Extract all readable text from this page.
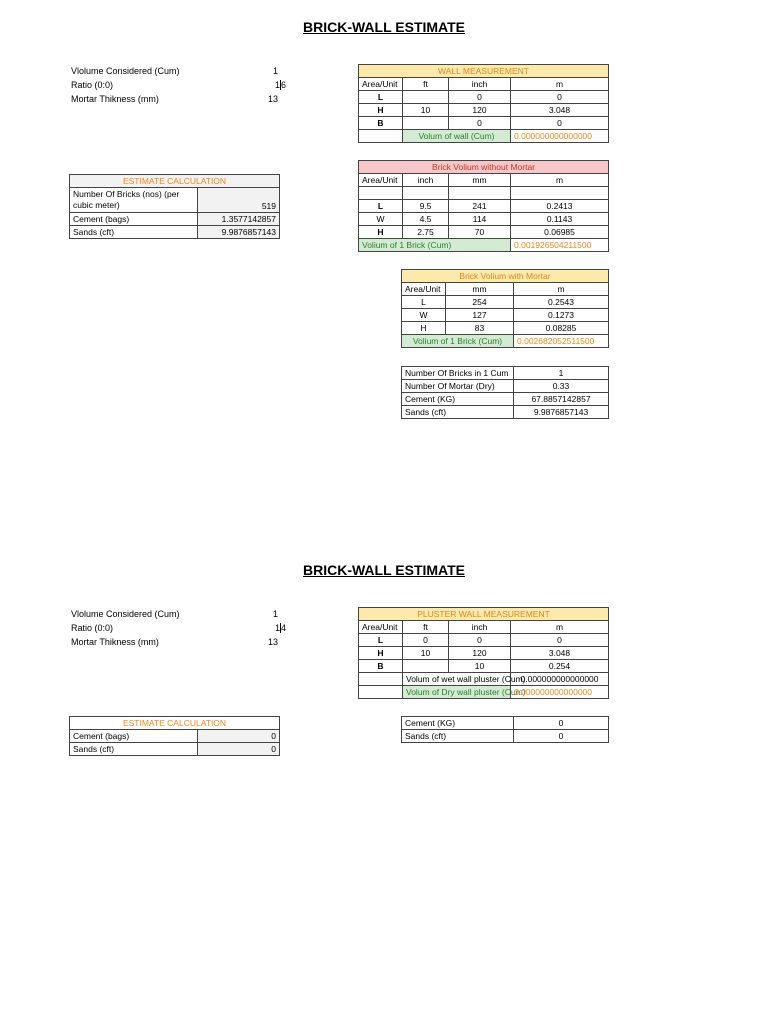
BRICK-WALL ESTIMATE
Vlolume Considered (Cum)	1
Ratio (0:0)	16
Mortar Thikness (mm)	13
WALL MEASUREMENT			
Area/Unit	ft	inch	m
L		0	0
H	10	120	3.048
B		0	0
	Volum of wall (Cum)		0.000000000000000
Brick Volium without Mortar			
Area/Unit	inch	mm	m

L	9.5	241	0.2413
W	4.5	114	0.1143
H	2.75	70	0.06985
Volium of 1 Brick (Cum)			0.001926504211500
Brick Volium with Mortar		
Area/Unit	mm	m
L	254	0.2543
W	127	0.1273
H	83	0.08285
Volium of 1 Brick (Cum)		0.002682052511500
Number Of Bricks in 1 Cum	1
Number Of Mortar (Dry)	0.33
Cement (KG)	67.8857142857
Sands (cft)	9.9876857143
ESTIMATE CALCULATION	
Number Of Bricks (nos) (per cubic meter)	519
Cement (bags)	1.3577142857
Sands (cft)	9.9876857143
BRICK-WALL ESTIMATE
Vlolume Considered (Cum)	1
Ratio (0:0)	14
Mortar Thikness (mm)	13
PLUSTER WALL MEASUREMENT			
Area/Unit	ft	inch	m
L	0	0	0
H	10	120	3.048
B		10	0.254
	Volum of wet wall pluster (Cum)		0.000000000000000
	Volum of Dry wall pluster (Cum)		0.000000000000000
Cement (KG)	0
Sands (cft)	0
ESTIMATE CALCULATION	
Cement (bags)	0
Sands (cft)	0
